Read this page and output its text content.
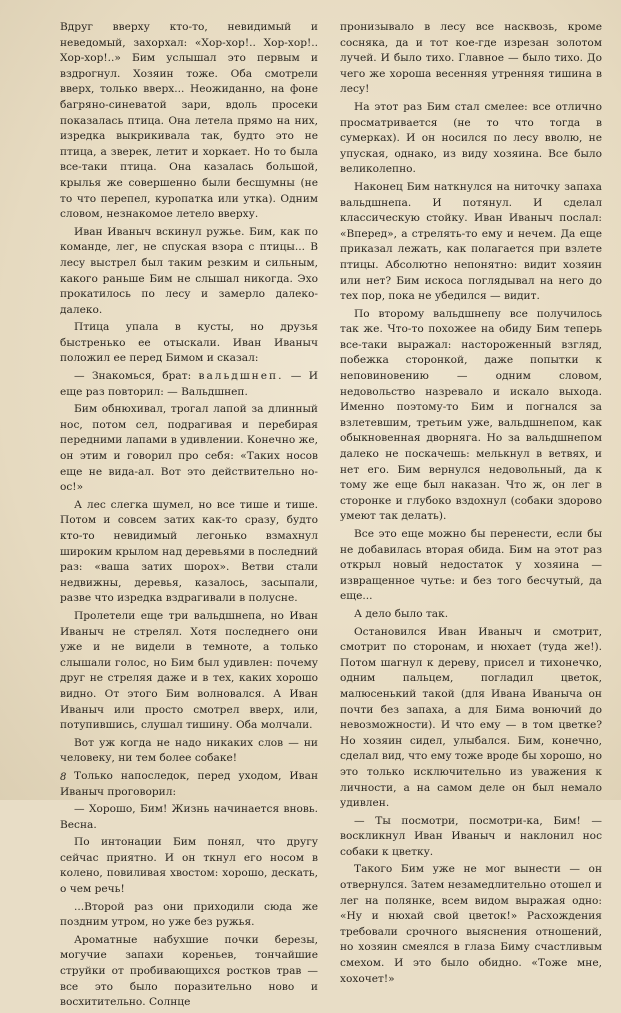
Вдруг вверху кто-то, невидимый и неведомый, захорхал: «Хор-хор!.. Хор-хор!.. Хор-хор!..» Бим услышал это первым и вздрогнул. Хозяин тоже. Оба смотрели вверх, только вверх... Неожиданно, на фоне багряно-синеватой зари, вдоль просеки показалась птица. Она летела прямо на них, изредка выкрикивала так, будто это не птица, а зверек, летит и хоркает. Но то была все-таки птица. Она казалась большой, крылья же совершенно были бесшумны (не то что перепел, куропатка или утка). Одним словом, незнакомое летело вверху.

Иван Иваныч вскинул ружье. Бим, как по команде, лег, не спуская взора с птицы... В лесу выстрел был таким резким и сильным, какого раньше Бим не слышал никогда. Эхо прокатилось по лесу и замерло далеко-далеко.

Птица упала в кусты, но друзья быстренько ее отыскали. Иван Иваныч положил ее перед Бимом и сказал:

— Знакомься, брат: вальдшнеп. — И еще раз повторил: — Вальдшнеп.

Бим обнюхивал, трогал лапой за длинный нос, потом сел, подрагивая и перебирая передними лапами в удивлении. Конечно же, он этим и говорил про себя: «Таких носов еще не вида-ал. Вот это действительно но-ос!»

А лес слегка шумел, но все тише и тише. Потом и совсем затих как-то сразу, будто кто-то невидимый легонько взмахнул широким крылом над деревьями в последний раз: «ваша затих шорох». Ветви стали недвижны, деревья, казалось, засыпали, разве что изредка вздрагивали в полусне.

Пролетели еще три вальдшнепа, но Иван Иваныч не стрелял. Хотя последнего они уже и не видели в темноте, а только слышали голос, но Бим был удивлен: почему друг не стреляя даже и в тех, каких хорошо видно. От этого Бим волновался. А Иван Иваныч или просто смотрел вверх, или, потупившись, слушал тишину. Оба молчали.

Вот уж когда не надо никаких слов — ни человеку, ни тем более собаке!

Только напоследок, перед уходом, Иван Иваныч проговорил:

— Хорошо, Бим! Жизнь начинается вновь. Весна.

По интонации Бим понял, что другу сейчас приятно. И он ткнул его носом в колено, повиливая хвостом: хорошо, дескать, о чем речь!

...Второй раз они приходили сюда же поздним утром, но уже без ружья.

Ароматные набухшие почки березы, могучие запахи кореньев, тончайшие струйки от пробивающихся ростков трав — все это было поразительно ново и восхитительно. Солнце

пронизывало в лесу все насквозь, кроме сосняка, да и тот кое-где изрезан золотом лучей. И было тихо. Главное — было тихо. До чего же хороша весенняя утренняя тишина в лесу!

На этот раз Бим стал смелее: все отлично просматривается (не то что тогда в сумерках). И он носился по лесу вволю, не упуская, однако, из виду хозяина. Все было великолепно.

Наконец Бим наткнулся на ниточку запаха вальдшнепа. И потянул. И сделал классическую стойку. Иван Иваныч послал: «Вперед», а стрелять-то ему и нечем. Да еще приказал лежать, как полагается при взлете птицы. Абсолютно непонятно: видит хозяин или нет? Бим искоса поглядывал на него до тех пор, пока не убедился — видит.

По второму вальдшнепу все получилось так же. Что-то похожее на обиду Бим теперь все-таки выражал: настороженный взгляд, побежка сторонкой, даже попытки к неповиновению — одним словом, недовольство назревало и искало выхода. Именно поэтому-то Бим и погнался за взлетевшим, третьим уже, вальдшнепом, как обыкновенная дворняга. Но за вальдшнепом далеко не поскачешь: мелькнул в ветвях, и нет его. Бим вернулся недовольный, да к тому же еще был наказан. Что ж, он лег в сторонке и глубоко вздохнул (собаки здорово умеют так делать).

Все это еще можно бы перенести, если бы не добавилась вторая обида. Бим на этот раз открыл новый недостаток у хозяина — извращенное чутье: и без того бесчутый, да еще...

А дело было так.

Остановился Иван Иваныч и смотрит, смотрит по сторонам, и нюхает (туда же!). Потом шагнул к дереву, присел и тихонечко, одним пальцем, погладил цветок, малюсенький такой (для Ивана Иваныча он почти без запаха, а для Бима вонючий до невозможности). И что ему — в том цветке? Но хозяин сидел, улыбался. Бим, конечно, сделал вид, что ему тоже вроде бы хорошо, но это только исключительно из уважения к личности, а на самом деле он был немало удивлен.

— Ты посмотри, посмотри-ка, Бим! — воскликнул Иван Иваныч и наклонил нос собаки к цветку.

Такого Бим уже не мог вынести — он отвернулся. Затем незамедлительно отошел и лег на полянке, всем видом выражая одно: «Ну и нюхай свой цветок!» Расхождения требовали срочного выяснения отношений, но хозяин смеялся в глаза Биму счастливым смехом. И это было обидно. «Тоже мне, хохочет!»

8
